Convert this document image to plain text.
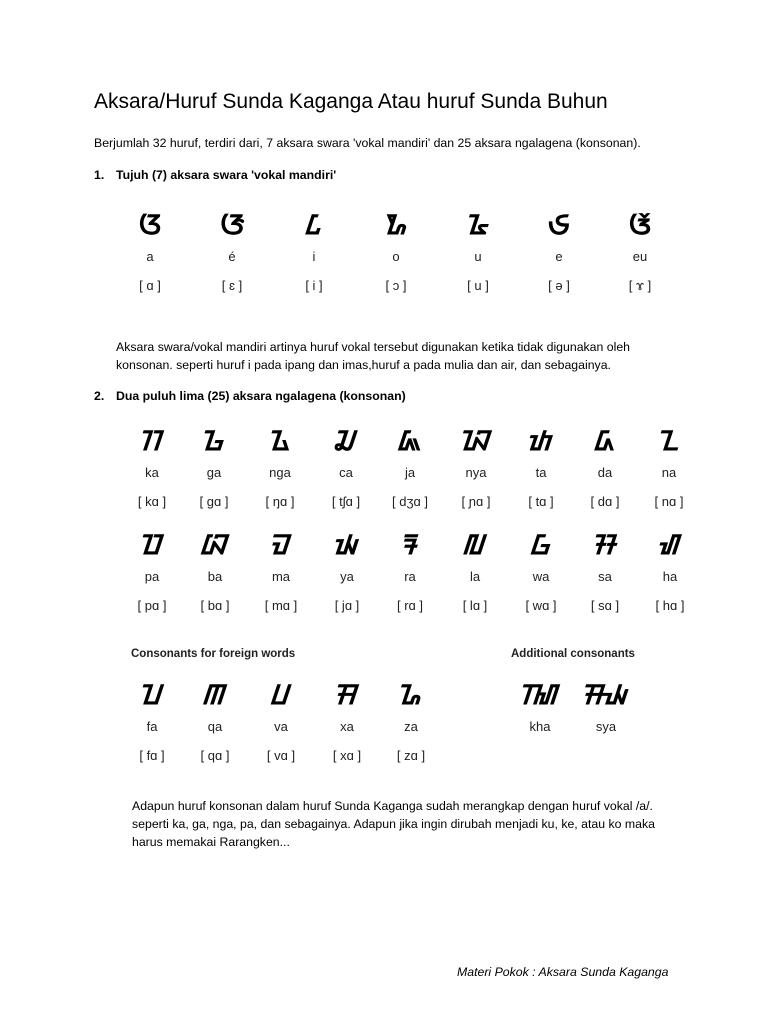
Aksara/Huruf Sunda Kaganga Atau huruf Sunda Buhun
Berjumlah 32 huruf, terdiri dari, 7 aksara swara 'vokal mandiri' dan 25 aksara ngalagena (konsonan).
1. Tujuh (7) aksara swara 'vokal mandiri'
ᮃ
a
[ ɑ ]
ᮆ
é
[ ɛ ]
ᮄ
i
[ i ]
ᮇ
o
[ ɔ ]
ᮅ
u
[ u ]
ᮈ
e
[ ə ]
ᮉ
eu
[ ɤ ]
Aksara swara/vokal mandiri artinya huruf vokal tersebut digunakan ketika tidak digunakan oleh konsonan. seperti huruf i pada ipang dan imas,huruf a pada mulia dan air, dan sebagainya.
2. Dua puluh lima (25) aksara ngalagena (konsonan)
ᮊ
ka
[ kɑ ]
ᮌ
ga
[ gɑ ]
ᮍ
nga
[ ŋɑ ]
ᮎ
ca
[ tʃɑ ]
ᮏ
ja
[ dʒɑ ]
ᮑ
nya
[ ɲɑ ]
ᮒ
ta
[ tɑ ]
ᮓ
da
[ dɑ ]
ᮔ
na
[ nɑ ]
ᮕ
pa
[ pɑ ]
ᮘ
ba
[ bɑ ]
ᮙ
ma
[ mɑ ]
ᮚ
ya
[ jɑ ]
ᮛ
ra
[ rɑ ]
ᮜ
la
[ lɑ ]
ᮝ
wa
[ wɑ ]
ᮞ
sa
[ sɑ ]
ᮠ
ha
[ hɑ ]
Consonants for foreign words	Additional consonants
ᮖ
fa
[ fɑ ]
ᮋ
qa
[ qɑ ]
ᮗ
va
[ vɑ ]
ᮟ
xa
[ xɑ ]
ᮐ
za
[ zɑ ]
ᮮ
kha
ᮯ
sya
Adapun huruf konsonan dalam huruf Sunda Kaganga sudah merangkap dengan huruf vokal /a/. seperti ka, ga, nga, pa, dan sebagainya. Adapun jika ingin dirubah menjadi ku, ke, atau ko maka harus memakai Rarangken...
Materi Pokok : Aksara Sunda Kaganga
